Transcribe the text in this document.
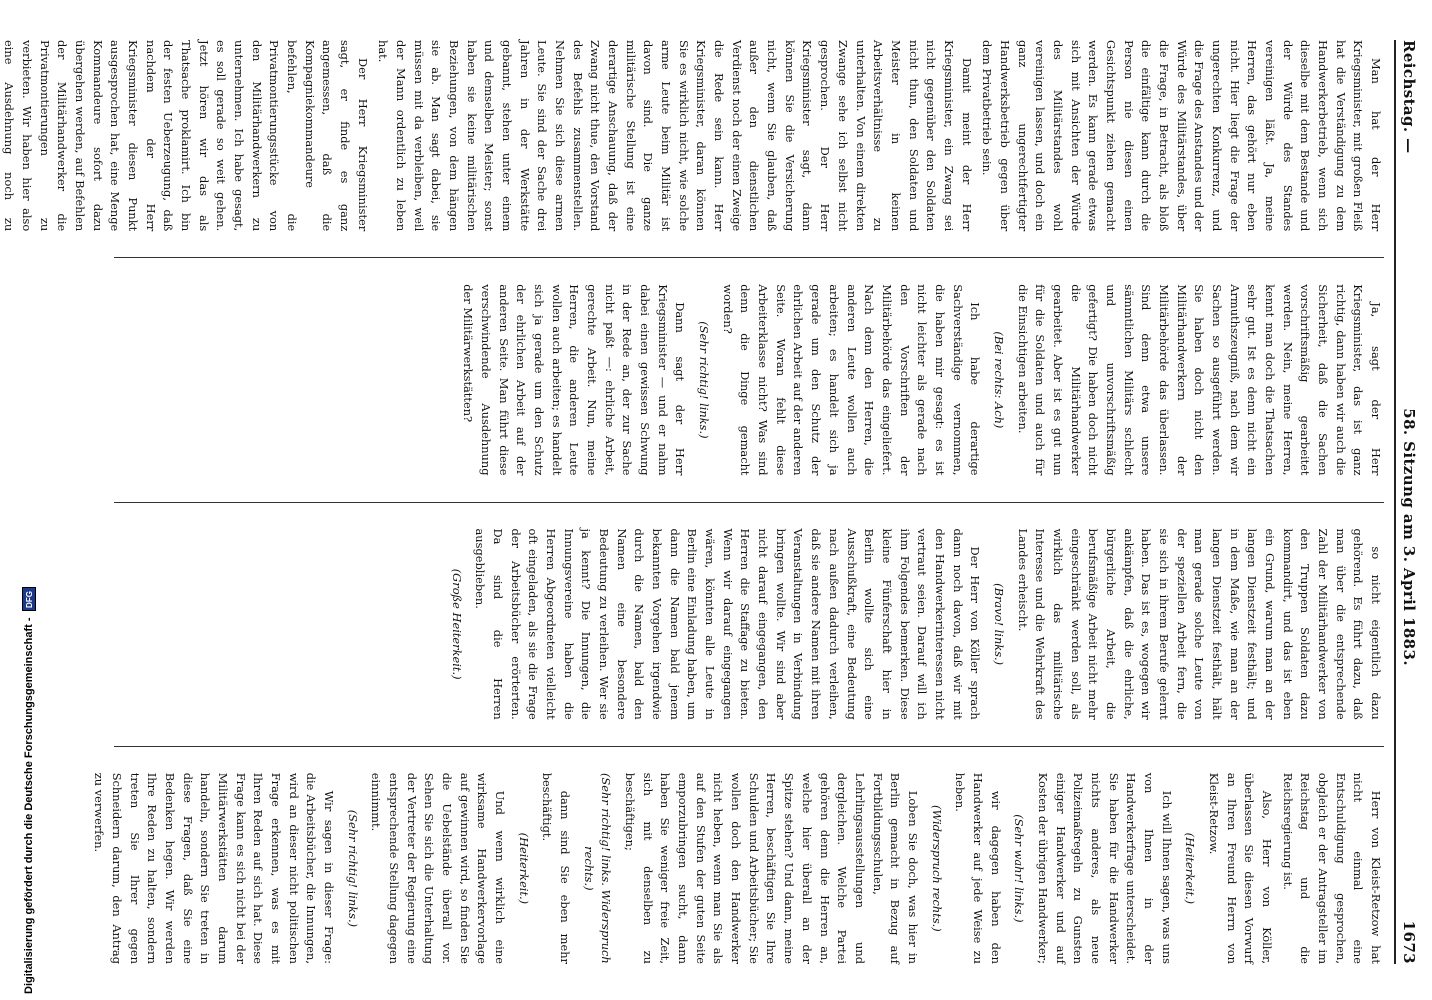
Digitalisierung gefördert durch die Deutsche Forschungsgemeinschaft -
DFG
Reichstag. —
58. Sitzung am 3. April 1883.
1673

Man hat der Herr Kriegsminister, mit großen Fleiß hat die Verständigung zu dem Handwerkerbetrieb, wenn sich dieselbe mit dem Bestande und der Würde des Standes vereinigen läßt. Ja, meine Herren, das gehört nur eben nicht. Hier liegt die Frage der ungerechten Konkurrenz, und die Frage des Anstandes und der Würde des Militärstandes, über die Frage, in Betracht, als bloß die einfältige kann durch die Person nie diesen einen Gesichtspunkt ziehen gemacht werden. Es kann gerade etwas sich mit Ansichten der Würde des Militärstandes wohl vereinigen lassen, und doch ein ganz ungerechtfertigter Handwerksbetrieb gegen über dem Privatbetrieb sein.

Damit meint der Herr Kriegsminister, ein Zwang sei nicht gegenüber den Soldaten nicht thun, den Soldaten und Meister in keinen Arbeitsverhältnisse zu unterhalten. Von einem direkten Zwange sehe ich selbst nicht gesprochen. Der Herr Kriegsminister sagt, dann können Sie die Versicherung nicht, wenn Sie glauben, daß außer den dienstlichen Verdienst noch der einen Zweige die Rede sein kann. Herr Kriegsminister, daran können Sie es wirklich nicht, wie solche arme Leute beim Militär ist davon sind. Die ganze militärische Stellung ist eine derartige Anschauung, daß der Zwang nicht thue, den Vorstand des Befehls zusammenstellen. Nehmen Sie sich diese armen Leute. Sie sind der Sache drei Jahren in der Werkstätte gebannt, stehen unter einem und demselben Meister; sonst haben sie keine militärischen Beziehungen, von dem hängen sie ab. Man sagt dabei, sie müssen mit da verbleiben, weil der Mann ordentlich zu leben hat.

Der Herr Kriegsminister sagt, er finde es ganz angemessen, daß die Kompagniekommandeure befehlen, die Privatmontierungsstücke von den Militärhandwerkern zu unternehmen. Ich habe gesagt, es soll gerade so weit gehen. Jetzt hören wir das als Thatsache proklamirt. Ich bin der festen Ueberzeugung, daß nachdem der Herr Kriegsminister diesen Punkt ausgesprochen hat, eine Menge Kommandeure sofort dazu übergehen werden, auf Befehlen der Militärhandwerker die Privatmontierungen zu verbieten. Wir haben hier also eine Ausdehnung noch zu

Ja, sagt der Herr Kriegsminister, das ist ganz richtig, dann haben wir auch die Sicherheit, daß die Sachen vorschriftsmäßig gearbeitet werden. Nein, meine Herren, kennt man doch die Thatsachen sehr gut. Ist es denn nicht ein Armuthszeugniß, nach dem wir Sachen so ausgeführt werden. Sie haben doch nicht den Militärhandwerkern der Militärbehörde das überlassen. Sind denn etwa unsere sämmtlichen Militärs schlecht und unvorschriftsmäßig gefertigt? Die haben doch nicht die Militärhandwerker gearbeitet. Aber ist es gut nun für die Soldaten und auch für die Einsichtigen arbeiten.

(Bei rechts: Ach)

Ich habe derartige Sachverständige vernommen, die haben mir gesagt: es ist nicht leichter als gerade nach den Vorschriften der Militärbehörde das eingeliefert. Nach denn den Herren, die anderen Leute wollen auch arbeiten; es handelt sich ja gerade um den Schutz der ehrlichen Arbeit auf der anderen Seite. Woran fehlt diese Arbeiterklasse nicht? Was sind denn die Dinge gemacht worden?

(Sehr richtig! links.)

Dann sagt der Herr Kriegsminister — und er nahm dabei einen gewissen Schwung in der Rede an, der zur Sache nicht paßt —: ehrliche Arbeit, gerechte Arbeit. Nun, meine Herren, die anderen Leute wollen auch arbeiten; es handelt sich ja gerade um den Schutz der ehrlichen Arbeit auf der anderen Seite. Man führt diese verschwindende Ausdehnung der Militärwerkstätten?

so nicht eigentlich dazu gehörend. Es führt dazu, daß man über die entsprechende Zahl der Militärhandwerker von den Truppen Soldaten dazu kommandirt, und das ist eben ein Grund, warum man an der langen Dienstzeit festhält; und in dem Maße, wie man an der langen Dienstzeit festhält, hält man gerade solche Leute von der speziellen Arbeit fern, die sie sich in ihrem Berufe gelernt haben. Das ist es, wogegen wir ankämpfen, daß die ehrliche, bürgerliche Arbeit, die berufsmäßige Arbeit nicht mehr eingeschränkt werden soll, als wirklich das militärische Interesse und die Wehrkraft des Landes erheischt.

(Bravo! links.)

Der Herr von Köller sprach dann noch davon, daß wir mit den Handwerkerinteressen nicht vertraut seien. Darauf will ich ihm Folgendes bemerken. Diese kleine Fünferschaft hier in Berlin wollte sich eine Ausschußkraft, eine Bedeutung nach außen dadurch verleihen, daß sie andere Namen mit ihren Veranstaltungen in Verbindung bringen wollte. Wir sind aber nicht darauf eingegangen, den Herren die Staffage zu bieten. Wenn wir darauf eingegangen wären, könnten alle Leute in Berlin eine Einladung haben, um dann die Namen bald jenem bekannten Vorgehen irgendwie durch die Namen, bald den Namen eine besondere Bedeutung zu verleihen. Wer sie ja kennt? Die Innungen, die Innungsvereine haben die Herren Abgeordneten vielleicht oft eingeladen, als sie die Frage der Arbeitsbücher erörterten. Da sind die Herren ausgeblieben.

(Große Heiterkeit.)

Herr von Kleist-Retzow hat nicht einmal eine Entschuldigung gesprochen, obgleich er der Antragsteller im Reichstag und die Reichsregierung ist.

Also, Herr von Köller, überlassen Sie diesen Vorwurf an Ihren Freund Herrn von Kleist-Retzow.

(Heiterkeit.)

Ich will Ihnen sagen, was uns von Ihnen in der Handwerkerfrage unterscheidet. Sie haben für die Handwerker nichts anderes, als neue Polizeimaßregeln zu Gunsten einiger Handwerker und auf Kosten der übrigen Handwerker;

(Sehr wahr! links.)

wir dagegen haben den Handwerker auf jede Weise zu heben.

(Widerspruch rechts.)

Loben Sie doch, was hier in Berlin gemacht in Bezug auf Fortbildungsschulen, Lehrlingsausstellungen und dergleichen. Welche Partei gehören denn die Herren an, welche hier überall an der Spitze stehen? Und dann, meine Herren, beschäftigen Sie Ihre Schulden und Arbeitsbücher; Sie wollen doch den Handwerker nicht heben, wenn man Sie als auf den Stufen der guten Seite emporzubringen sucht, dann haben Sie weniger freie Zeit, sich mit denselben zu beschäftigen;

(Sehr richtig! links. Widerspruch rechts.)

dann sind Sie eben mehr beschäftigt.

(Heiterkeit.)

Und wenn wirklich eine wirksame Handwerkervorlage auf gewinnen wird, so finden Sie die Uebelstände überall vor. Sehen Sie sich die Unterhaltung der Vertreter der Regierung eine entsprechende Stellung dagegen einnimmt.

(Sehr richtig! links.)

Wir sagen in dieser Frage: die Arbeitsbücher, die Innungen, wird an dieser nicht politischen Frage erkennen, was es mit Ihren Reden auf sich hat. Diese Frage kann es sich nicht bei der Militärwerkstätten darum handeln, sondern Sie treten in diese Fragen, daß Sie eine Bedenken hegen. Wir werden Ihre Reden zu halten, sondern treten Sie Ihrer gegen Schneidern darum, den Antrag zu verwerfen.
